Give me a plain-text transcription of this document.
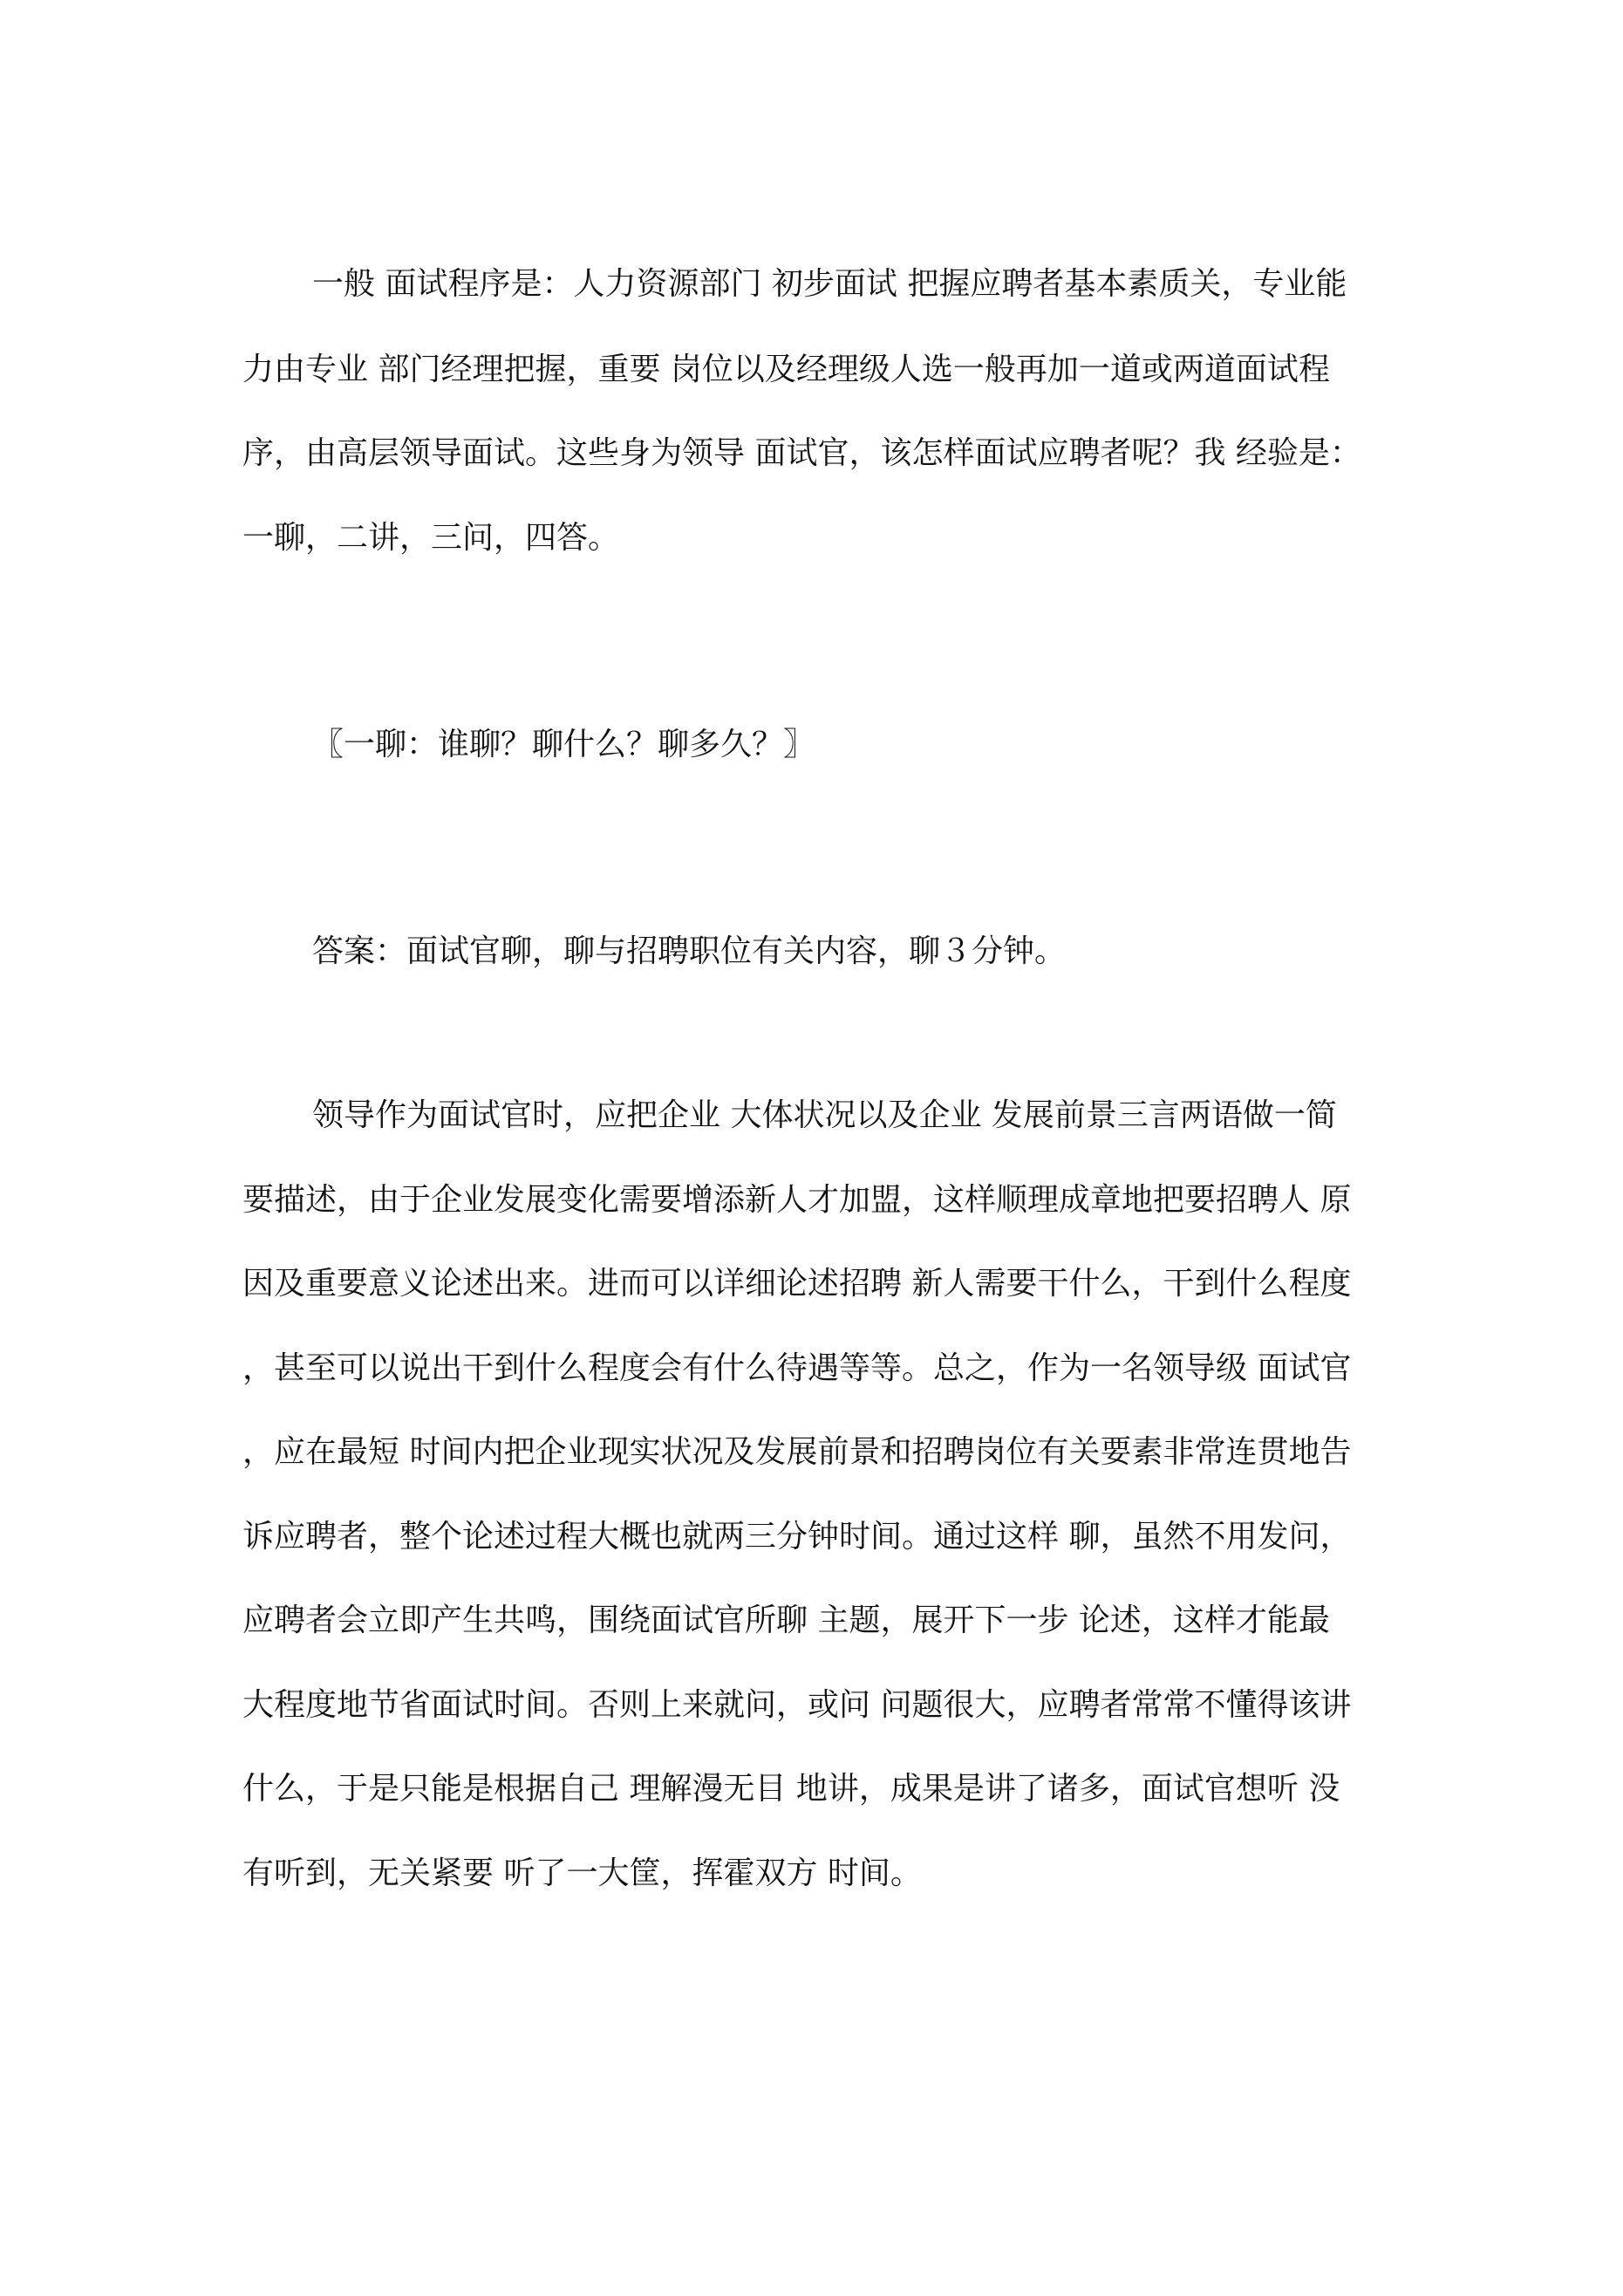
一般 面试程序是：人力资源部门 初步面试 把握应聘者基本素质关，专业能
力由专业 部门经理把握，重要 岗位以及经理级人选一般再加一道或两道面试程
序，由高层领导面试。这些身为领导 面试官，该怎样面试应聘者呢？我 经验是：
一聊，二讲，三问，四答。
〖一聊：谁聊？聊什么？聊多久？〗
答案：面试官聊，聊与招聘职位有关内容，聊３分钟。
领导作为面试官时，应把企业 大体状况以及企业 发展前景三言两语做一简
要描述，由于企业发展变化需要增添新人才加盟，这样顺理成章地把要招聘人 原
因及重要意义论述出来。进而可以详细论述招聘 新人需要干什么，干到什么程度
，甚至可以说出干到什么程度会有什么待遇等等。总之，作为一名领导级 面试官
，应在最短 时间内把企业现实状况及发展前景和招聘岗位有关要素非常连贯地告
诉应聘者，整个论述过程大概也就两三分钟时间。通过这样 聊，虽然不用发问，
应聘者会立即产生共鸣，围绕面试官所聊 主题，展开下一步 论述，这样才能最
大程度地节省面试时间。否则上来就问，或问 问题很大，应聘者常常不懂得该讲
什么，于是只能是根据自己 理解漫无目 地讲，成果是讲了诸多，面试官想听 没
有听到，无关紧要 听了一大筐，挥霍双方 时间。
